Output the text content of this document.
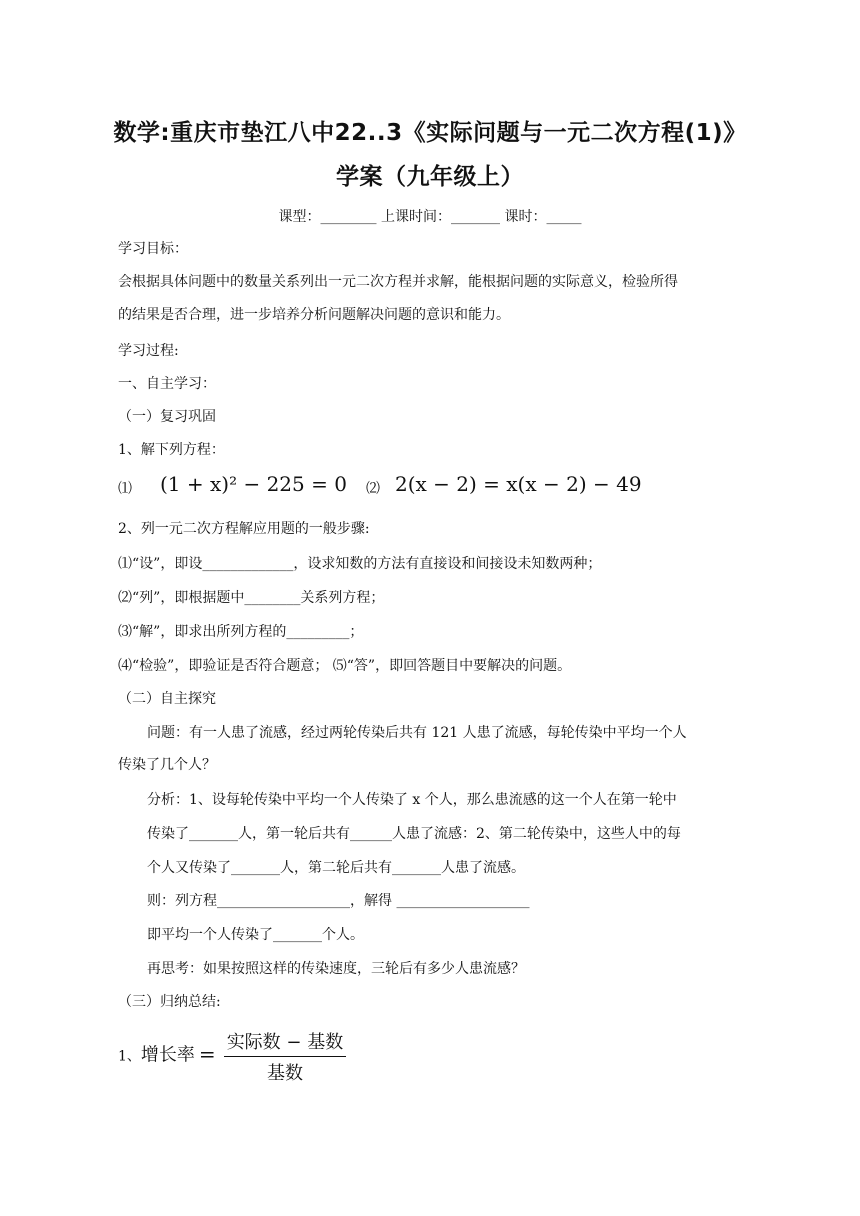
数学:重庆市垫江八中22..3《实际问题与一元二次方程(1)》
学案（九年级上）
课型：________ 上课时间：_______ 课时：_____
学习目标：
会根据具体问题中的数量关系列出一元二次方程并求解，能根据问题的实际意义，检验所得
的结果是否合理，进一步培养分析问题解决问题的意识和能力。
学习过程:
一、自主学习：
（一）复习巩固
1、解下列方程：
⑴ (1 + x)² − 225 = 0 ⑵ 2(x − 2) = x(x − 2) − 49
2、列一元二次方程解应用题的一般步骤:
⑴“设”，即设_____________，设求知数的方法有直接设和间接设未知数两种；
⑵“列”，即根据题中________关系列方程；
⑶“解”，即求出所列方程的_________；
⑷“检验”，即验证是否符合题意； ⑸“答”，即回答题目中要解决的问题。
（二）自主探究
问题：有一人患了流感，经过两轮传染后共有 121 人患了流感，每轮传染中平均一个人
传染了几个人？
分析：1、设每轮传染中平均一个人传染了 x 个人，那么患流感的这一个人在第一轮中
传染了_______人，第一轮后共有______人患了流感：2、第二轮传染中，这些人中的每
个人又传染了_______人，第二轮后共有_______人患了流感。
则：列方程___________________，解得 ___________________
即平均一个人传染了_______个人。
再思考：如果按照这样的传染速度，三轮后有多少人患流感？
（三）归纳总结:
1、增长率 = $\frac{\text{实际数 − 基数}}{\text{基数}}$
